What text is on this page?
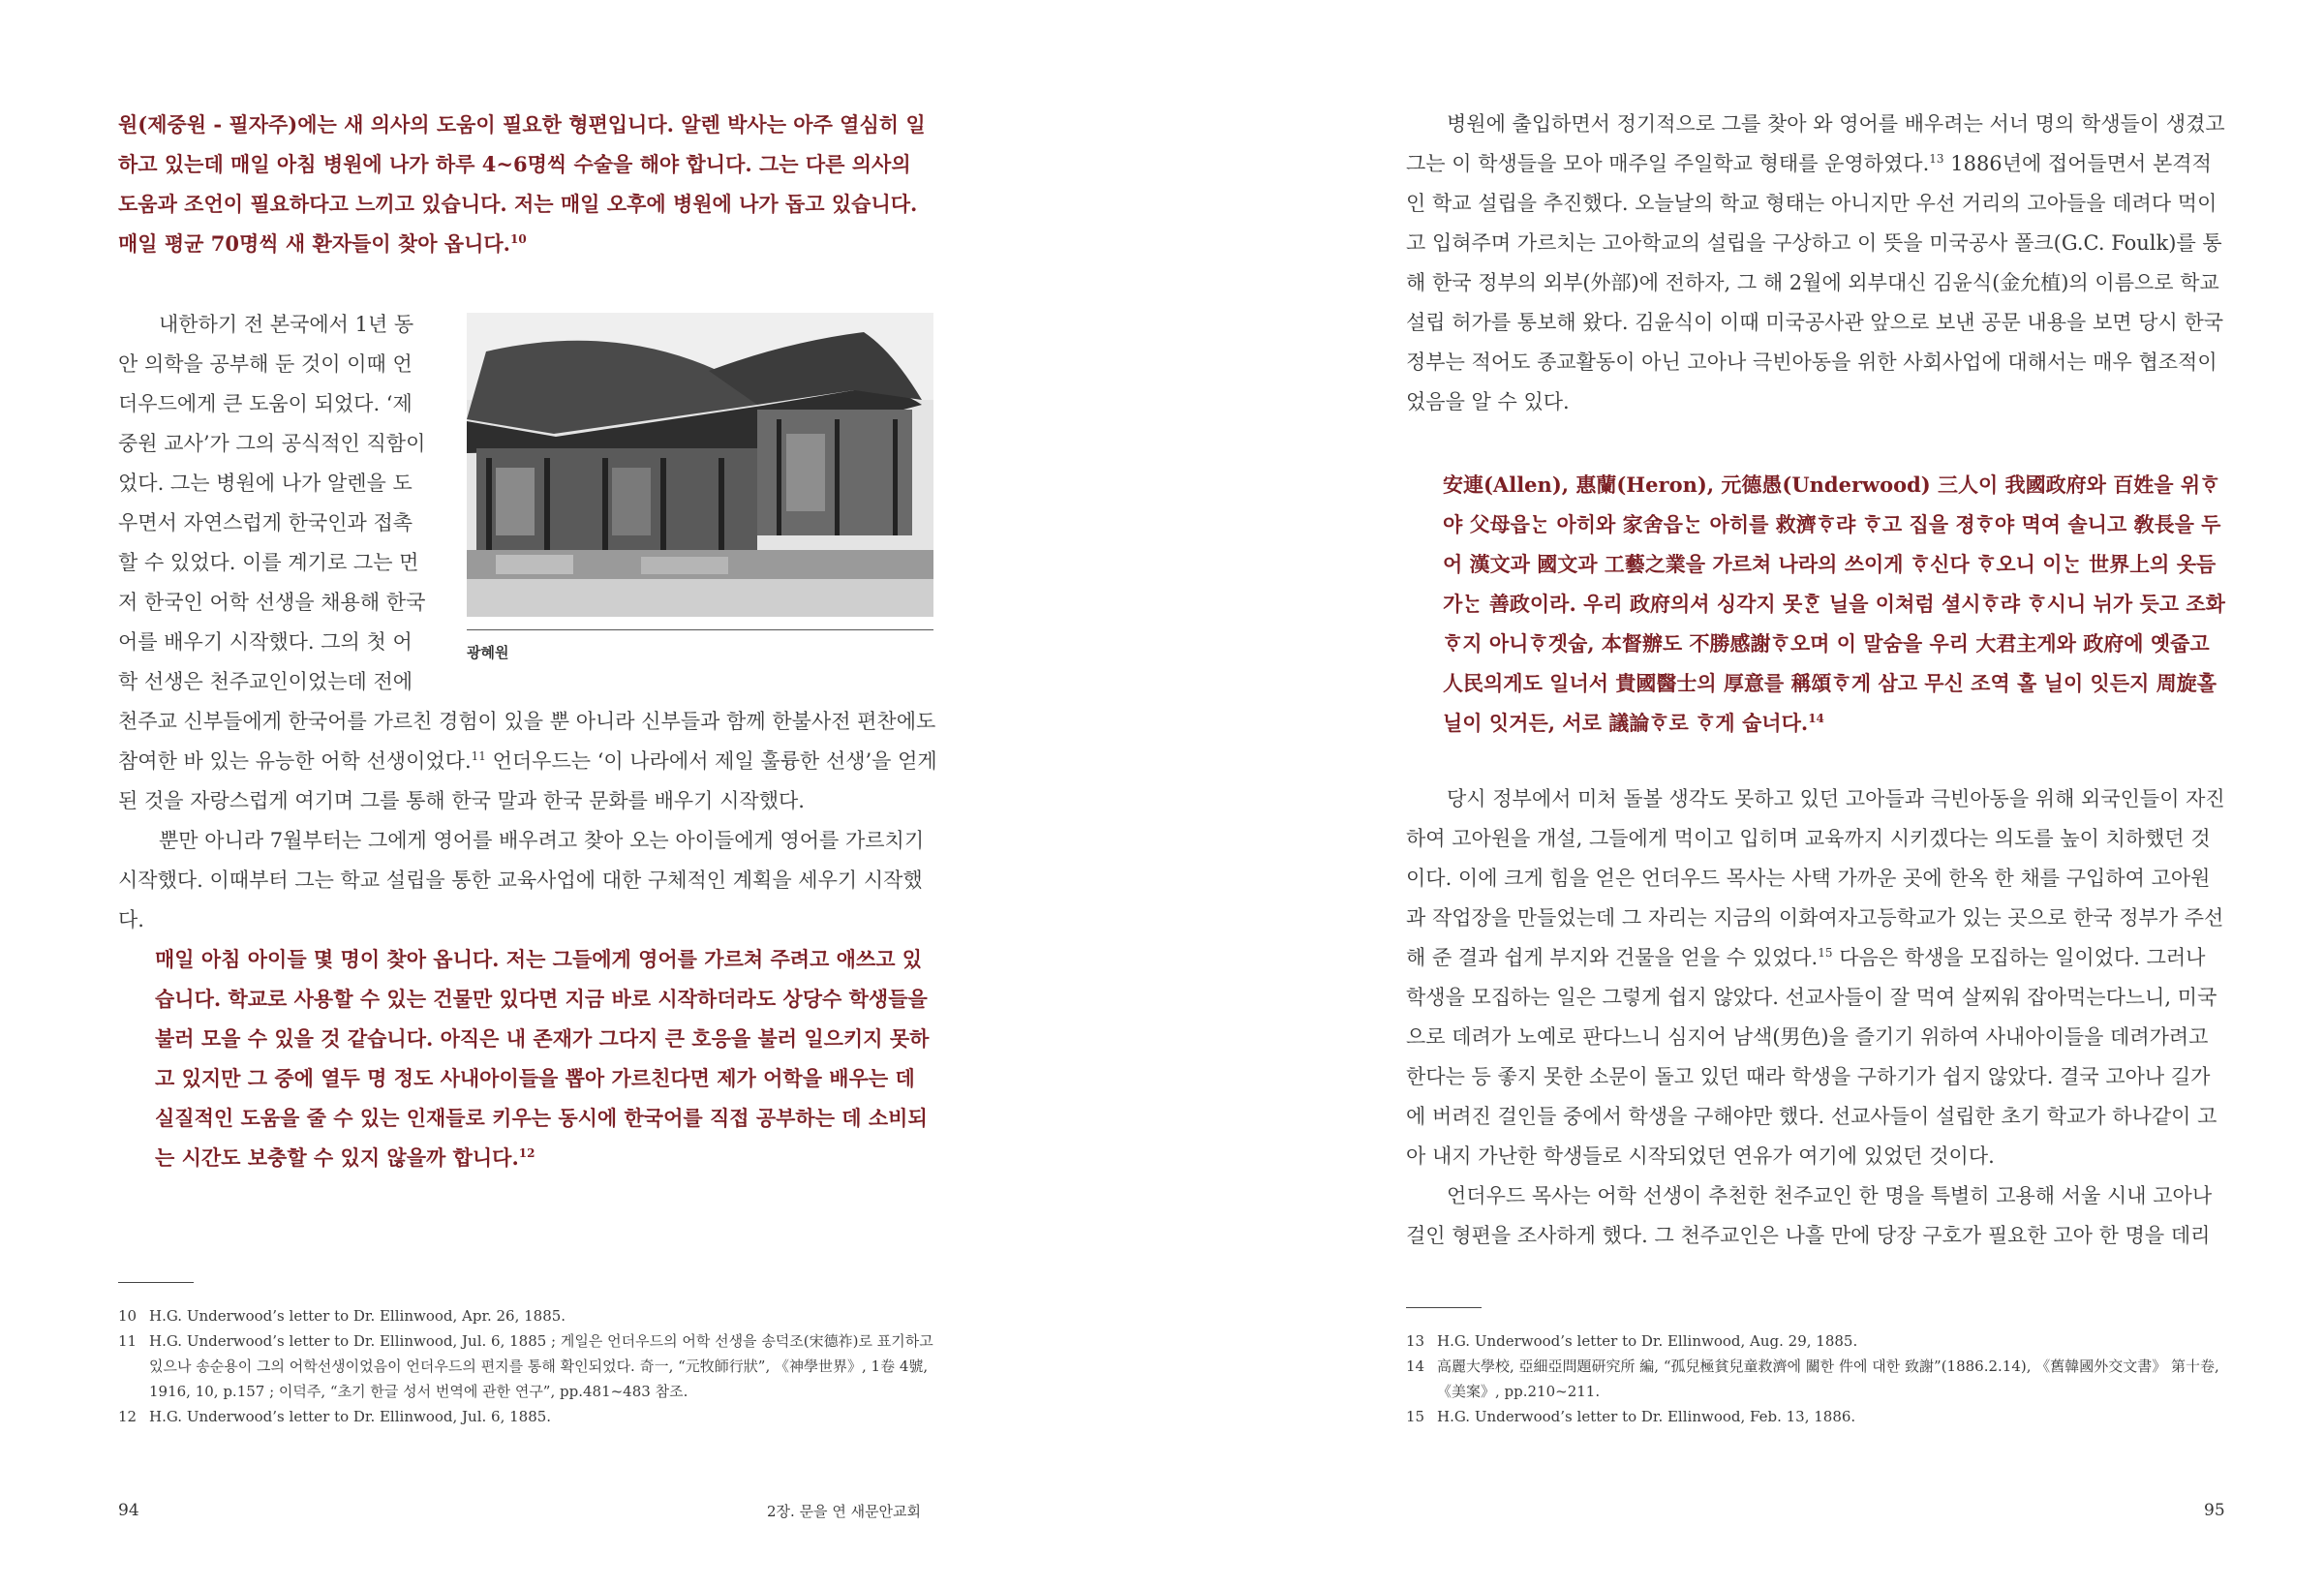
원(제중원 - 필자주)에는 새 의사의 도움이 필요한 형편입니다. 알렌 박사는 아주 열심히 일하고 있는데 매일 아침 병원에 나가 하루 4~6명씩 수술을 해야 합니다. 그는 다른 의사의 도움과 조언이 필요하다고 느끼고 있습니다. 저는 매일 오후에 병원에 나가 돕고 있습니다. 매일 평균 70명씩 새 환자들이 찾아 옵니다.$^{10}$

내한하기 전 본국에서 1년 동
안 의학을 공부해 둔 것이 이때 언
더우드에게 큰 도움이 되었다. ‘제
중원 교사’가 그의 공식적인 직함이
었다. 그는 병원에 나가 알렌을 도
우면서 자연스럽게 한국인과 접촉
할 수 있었다. 이를 계기로 그는 먼
저 한국인 어학 선생을 채용해 한국
어를 배우기 시작했다. 그의 첫 어
학 선생은 천주교인이었는데 전에
광혜원

천주교 신부들에게 한국어를 가르친 경험이 있을 뿐 아니라 신부들과 함께 한불사전 편찬에도 참여한 바 있는 유능한 어학 선생이었다.$^{11}$ 언더우드는 ‘이 나라에서 제일 훌륭한 선생’을 얻게 된 것을 자랑스럽게 여기며 그를 통해 한국 말과 한국 문화를 배우기 시작했다.

뿐만 아니라 7월부터는 그에게 영어를 배우려고 찾아 오는 아이들에게 영어를 가르치기 시작했다. 이때부터 그는 학교 설립을 통한 교육사업에 대한 구체적인 계획을 세우기 시작했다.

매일 아침 아이들 몇 명이 찾아 옵니다. 저는 그들에게 영어를 가르쳐 주려고 애쓰고 있습니다. 학교로 사용할 수 있는 건물만 있다면 지금 바로 시작하더라도 상당수 학생들을 불러 모을 수 있을 것 같습니다. 아직은 내 존재가 그다지 큰 호응을 불러 일으키지 못하고 있지만 그 중에 열두 명 정도 사내아이들을 뽑아 가르친다면 제가 어학을 배우는 데 실질적인 도움을 줄 수 있는 인재들로 키우는 동시에 한국어를 직접 공부하는 데 소비되는 시간도 보충할 수 있지 않을까 합니다.$^{12}$

10 H.G. Underwood’s letter to Dr. Ellinwood, Apr. 26, 1885.
11 H.G. Underwood’s letter to Dr. Ellinwood, Jul. 6, 1885 ; 게일은 언더우드의 어학 선생을 송덕조(宋德祚)로 표기하고 있으나 송순용이 그의 어학선생이었음이 언더우드의 편지를 통해 확인되었다. 奇一, “元牧師行狀”, 《神學世界》, 1卷 4號, 1916, 10, p.157 ; 이덕주, “초기 한글 성서 번역에 관한 연구”, pp.481~483 참조.
12 H.G. Underwood’s letter to Dr. Ellinwood, Jul. 6, 1885.
94	2장. 문을 연 새문안교회

병원에 출입하면서 정기적으로 그를 찾아 와 영어를 배우려는 서너 명의 학생들이 생겼고 그는 이 학생들을 모아 매주일 주일학교 형태를 운영하였다.$^{13}$ 1886년에 접어들면서 본격적인 학교 설립을 추진했다. 오늘날의 학교 형태는 아니지만 우선 거리의 고아들을 데려다 먹이고 입혀주며 가르치는 고아학교의 설립을 구상하고 이 뜻을 미국공사 폴크(G.C. Foulk)를 통해 한국 정부의 외부(外部)에 전하자, 그 해 2월에 외부대신 김윤식(金允植)의 이름으로 학교 설립 허가를 통보해 왔다. 김윤식이 이때 미국공사관 앞으로 보낸 공문 내용을 보면 당시 한국 정부는 적어도 종교활동이 아닌 고아나 극빈아동을 위한 사회사업에 대해서는 매우 협조적이었음을 알 수 있다.

安連(Allen), 惠蘭(Heron), 元德愚(Underwood) 三人이 我國政府와 百姓을 위ᄒᆞ야 父母읍ᄂᆞᆫ 아히와 家舍읍ᄂᆞᆫ 아히를 救濟ᄒᆞ랴 ᄒᆞ고 집을 졍ᄒᆞ야 멱여 솔니고 敎長을 두어 漢文과 國文과 工藝之業을 가르쳐 나라의 쓰이게 ᄒᆞ신다 ᄒᆞ오니 이ᄂᆞᆫ 世界上의 옷듬가ᄂᆞᆫ 善政이라. 우리 政府의셔 싱각지 못ᄒᆞᆫ 닐을 이쳐럼 셜시ᄒᆞ랴 ᄒᆞ시니 뉘가 듯고 조화ᄒᆞ지 아니ᄒᆞ겟숩, 本督辦도 不勝感謝ᄒᆞ오며 이 말숨을 우리 大君主게와 政府에 옛줍고 人民의게도 일너서 貴國醫士의 厚意를 稱頌ᄒᆞ게 삼고 무신 조역 홀 닐이 잇든지 周旋홀 닐이 잇거든, 서로 議論ᄒᆞ로 ᄒᆞ게 숩너다.$^{14}$

당시 정부에서 미처 돌볼 생각도 못하고 있던 고아들과 극빈아동을 위해 외국인들이 자진하여 고아원을 개설, 그들에게 먹이고 입히며 교육까지 시키겠다는 의도를 높이 치하했던 것이다. 이에 크게 힘을 얻은 언더우드 목사는 사택 가까운 곳에 한옥 한 채를 구입하여 고아원과 작업장을 만들었는데 그 자리는 지금의 이화여자고등학교가 있는 곳으로 한국 정부가 주선해 준 결과 쉽게 부지와 건물을 얻을 수 있었다.$^{15}$ 다음은 학생을 모집하는 일이었다. 그러나 학생을 모집하는 일은 그렇게 쉽지 않았다. 선교사들이 잘 먹여 살찌워 잡아먹는다느니, 미국으로 데려가 노예로 판다느니 심지어 남색(男色)을 즐기기 위하여 사내아이들을 데려가려고 한다는 등 좋지 못한 소문이 돌고 있던 때라 학생을 구하기가 쉽지 않았다. 결국 고아나 길가에 버려진 걸인들 중에서 학생을 구해야만 했다. 선교사들이 설립한 초기 학교가 하나같이 고아 내지 가난한 학생들로 시작되었던 연유가 여기에 있었던 것이다.

언더우드 목사는 어학 선생이 추천한 천주교인 한 명을 특별히 고용해 서울 시내 고아나 걸인 형편을 조사하게 했다. 그 천주교인은 나흘 만에 당장 구호가 필요한 고아 한 명을 데리

13 H.G. Underwood’s letter to Dr. Ellinwood, Aug. 29, 1885.
14 高麗大學校, 亞細亞問題研究所 編, “孤兒極貧兒童救濟에 關한 件에 대한 致謝”(1886.2.14), 《舊韓國外交文書》 第十卷, 《美案》, pp.210~211.
15 H.G. Underwood’s letter to Dr. Ellinwood, Feb. 13, 1886.
95
